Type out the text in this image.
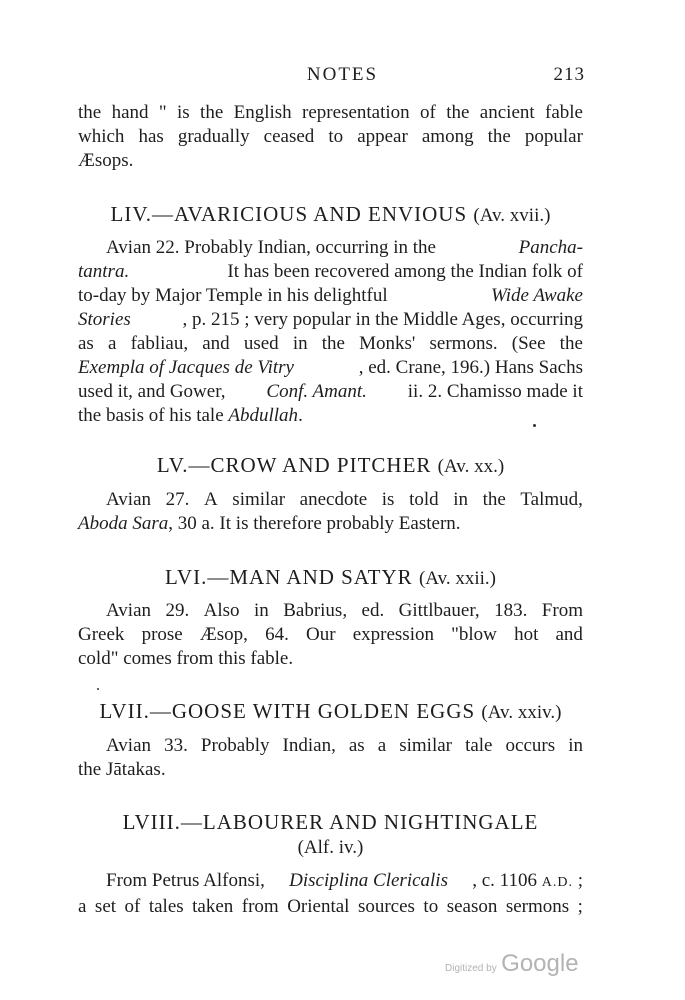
NOTES	213
the hand " is the English representation of the ancient fable
which has gradually ceased to appear among the popular
Æsops.
LIV.—AVARICIOUS AND ENVIOUS (Av. xvii.)
Avian 22. Probably Indian, occurring in the	Pancha-
tantra.	It has been recovered among the Indian folk of
to-day by Major Temple in his delightful	Wide Awake
Stories	, p. 215 ; very popular in the Middle Ages, occurring
as a fabliau, and used in the Monks' sermons. (See the
Exempla of Jacques de Vitry	, ed. Crane, 196.) Hans Sachs
used it, and Gower, Conf. Amant. ii. 2. Chamisso made it
the basis of his tale Abdullah.
LV.—CROW AND PITCHER (Av. xx.)
Avian 27. A similar anecdote is told in the Talmud,
Aboda Sara, 30 a. It is therefore probably Eastern.
LVI.—MAN AND SATYR (Av. xxii.)
Avian 29. Also in Babrius, ed. Gittlbauer, 183. From
Greek prose Æsop, 64. Our expression "blow hot and
cold" comes from this fable.
LVII.—GOOSE WITH GOLDEN EGGS (Av. xxiv.)
Avian 33. Probably Indian, as a similar tale occurs in
the Jātakas.
LVIII.—LABOURER AND NIGHTINGALE
(Alf. iv.)
From Petrus Alfonsi, Disciplina Clericalis , c. 1106 A.D. ;
a set of tales taken from Oriental sources to season sermons ;
Digitized by Google
